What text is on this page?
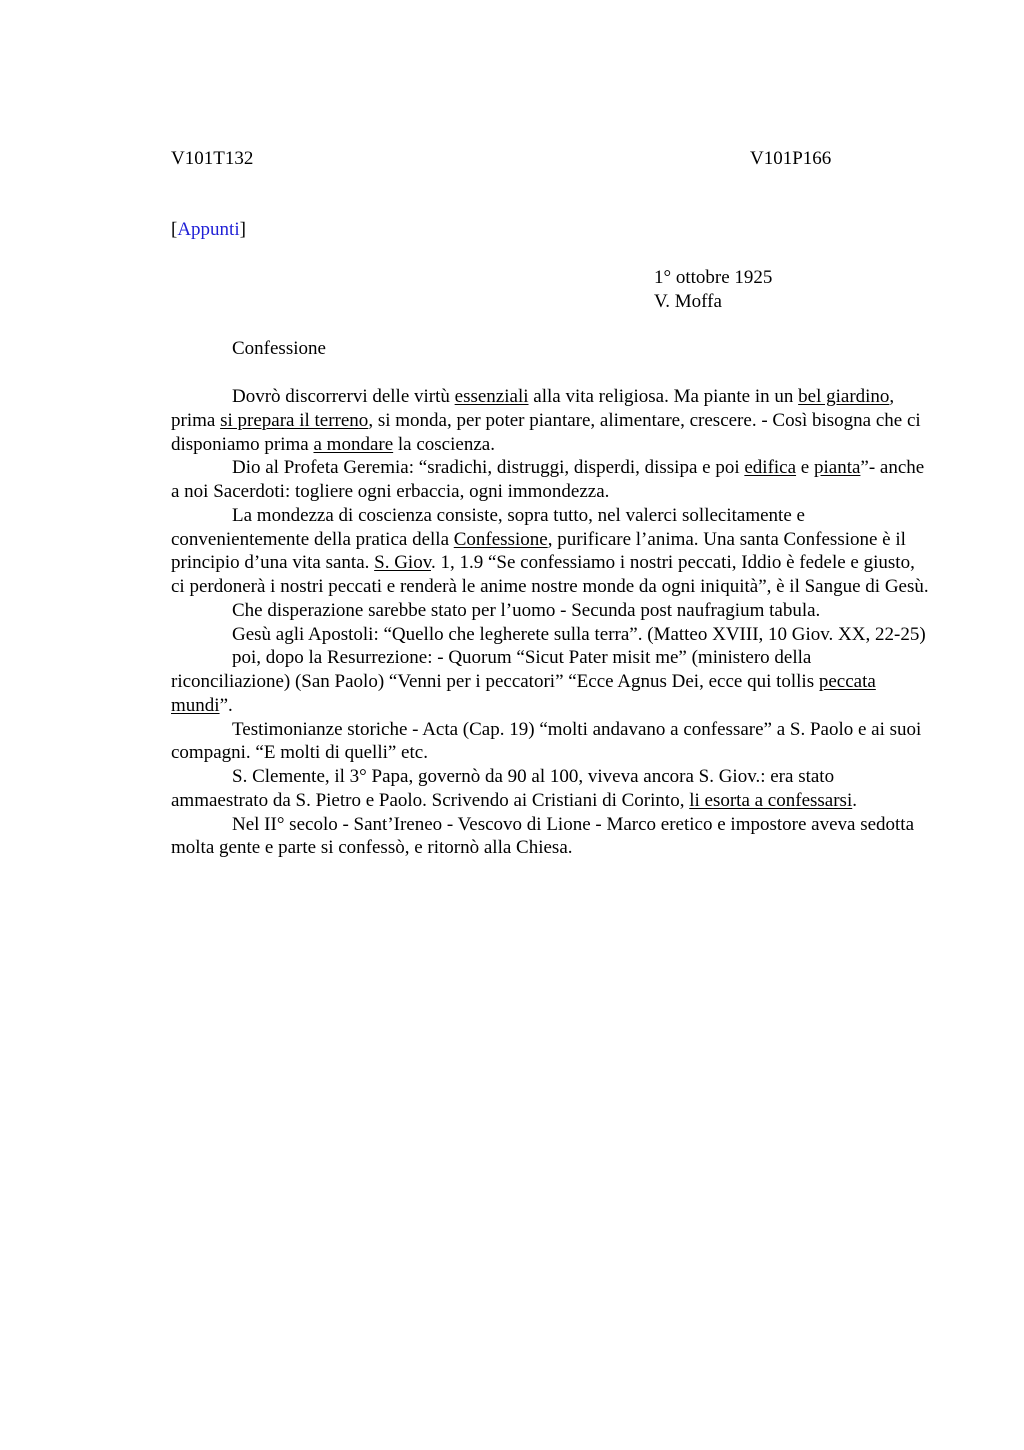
V101T132	V101P166
[Appunti]
1° ottobre 1925
V. Moffa
Confessione

Dovrò discorrervi delle virtù essenziali alla vita religiosa. Ma piante in un bel giardino, prima si prepara il terreno, si monda, per poter piantare, alimentare, crescere. - Così bisogna che ci disponiamo prima a mondare la coscienza.

Dio al Profeta Geremia: “sradichi, distruggi, disperdi, dissipa e poi edifica e pianta”- anche a noi Sacerdoti: togliere ogni erbaccia, ogni immondezza.

La mondezza di coscienza consiste, sopra tutto, nel valerci sollecitamente e convenientemente della pratica della Confessione, purificare l’anima. Una santa Confessione è il principio d’una vita santa. S. Giov. 1, 1.9 “Se confessiamo i nostri peccati, Iddio è fedele e giusto, ci perdonerà i nostri peccati e renderà le anime nostre monde da ogni iniquità”, è il Sangue di Gesù.

Che disperazione sarebbe stato per l’uomo - Secunda post naufragium tabula.

Gesù agli Apostoli: “Quello che legherete sulla terra”. (Matteo XVIII, 10 Giov. XX, 22-25)

poi, dopo la Resurrezione: - Quorum “Sicut Pater misit me” (ministero della riconciliazione) (San Paolo) “Venni per i peccatori” “Ecce Agnus Dei, ecce qui tollis peccata mundi”.

Testimonianze storiche - Acta (Cap. 19) “molti andavano a confessare” a S. Paolo e ai suoi compagni. “E molti di quelli” etc.

S. Clemente, il 3° Papa, governò da 90 al 100, viveva ancora S. Giov.: era stato ammaestrato da S. Pietro e Paolo. Scrivendo ai Cristiani di Corinto, li esorta a confessarsi.

Nel II° secolo - Sant’Ireneo - Vescovo di Lione - Marco eretico e impostore aveva sedotta molta gente e parte si confessò, e ritornò alla Chiesa.
